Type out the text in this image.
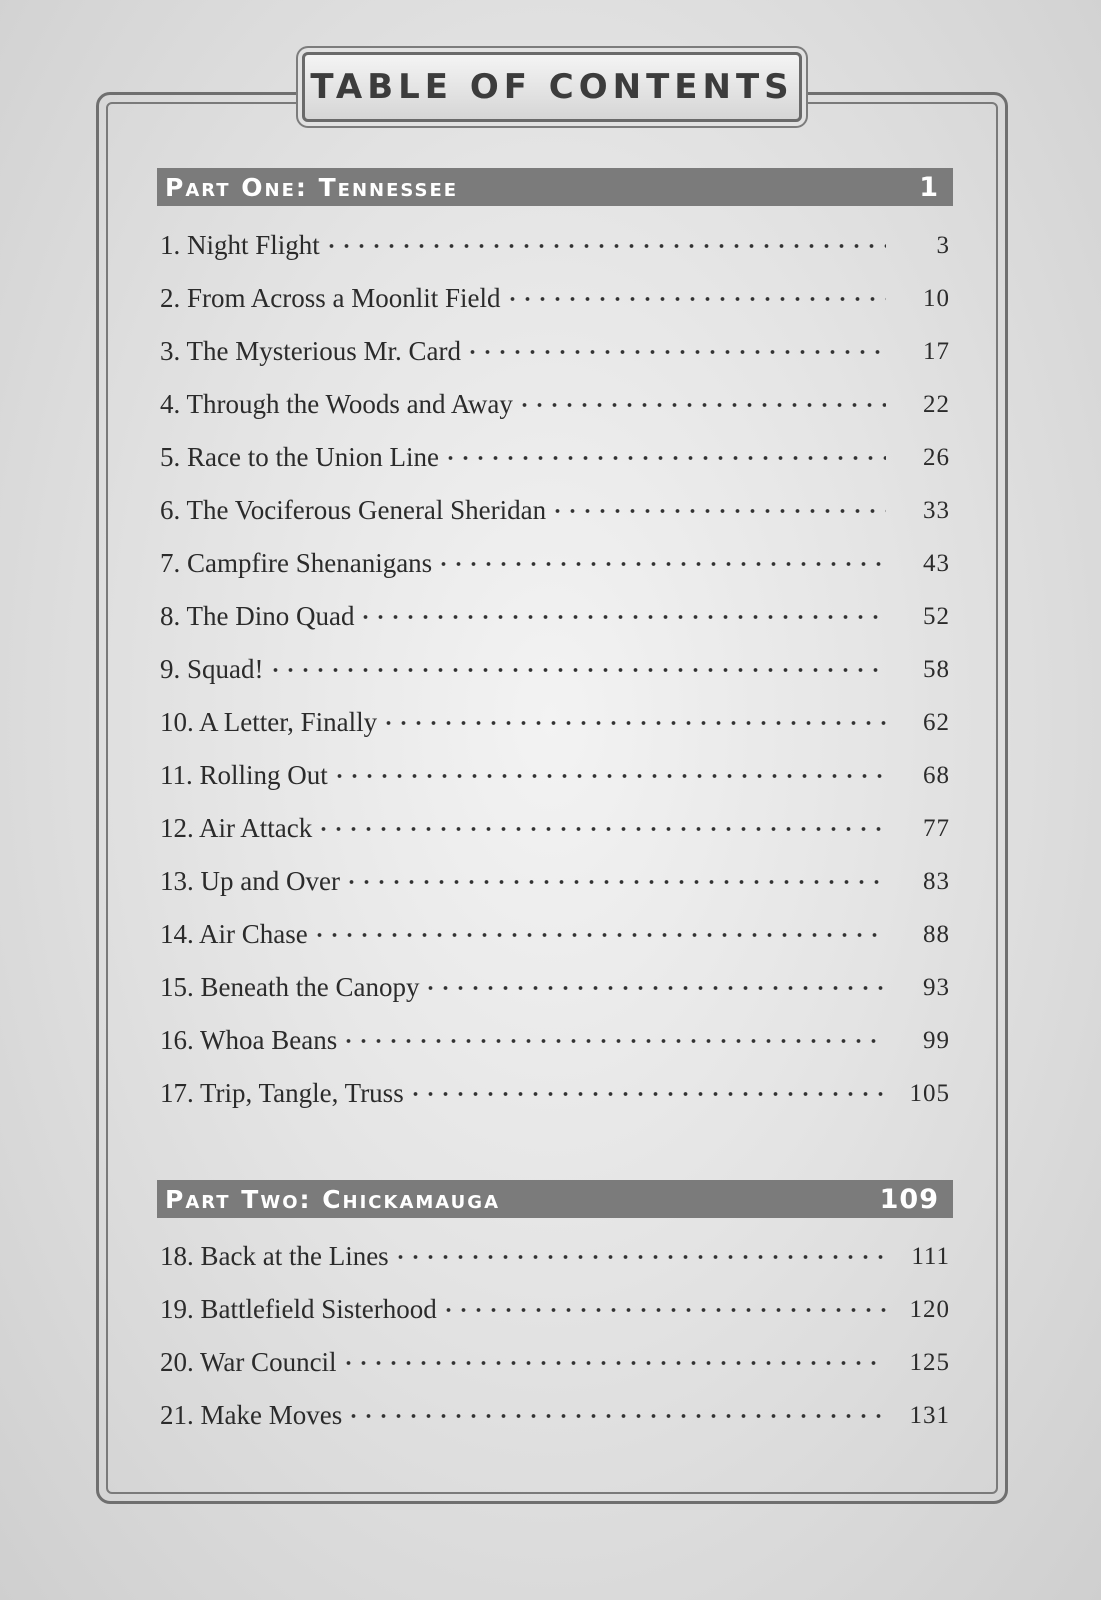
TABLE OF CONTENTS
Part One: Tennessee	1
1. Night Flight	3
2. From Across a Moonlit Field	10
3. The Mysterious Mr. Card	17
4. Through the Woods and Away	22
5. Race to the Union Line	26
6. The Vociferous General Sheridan	33
7. Campfire Shenanigans	43
8. The Dino Quad	52
9. Squad!	58
10. A Letter, Finally	62
11. Rolling Out	68
12. Air Attack	77
13. Up and Over	83
14. Air Chase	88
15. Beneath the Canopy	93
16. Whoa Beans	99
17. Trip, Tangle, Truss	105
Part Two: Chickamauga	109
18. Back at the Lines	111
19. Battlefield Sisterhood	120
20. War Council	125
21. Make Moves	131
